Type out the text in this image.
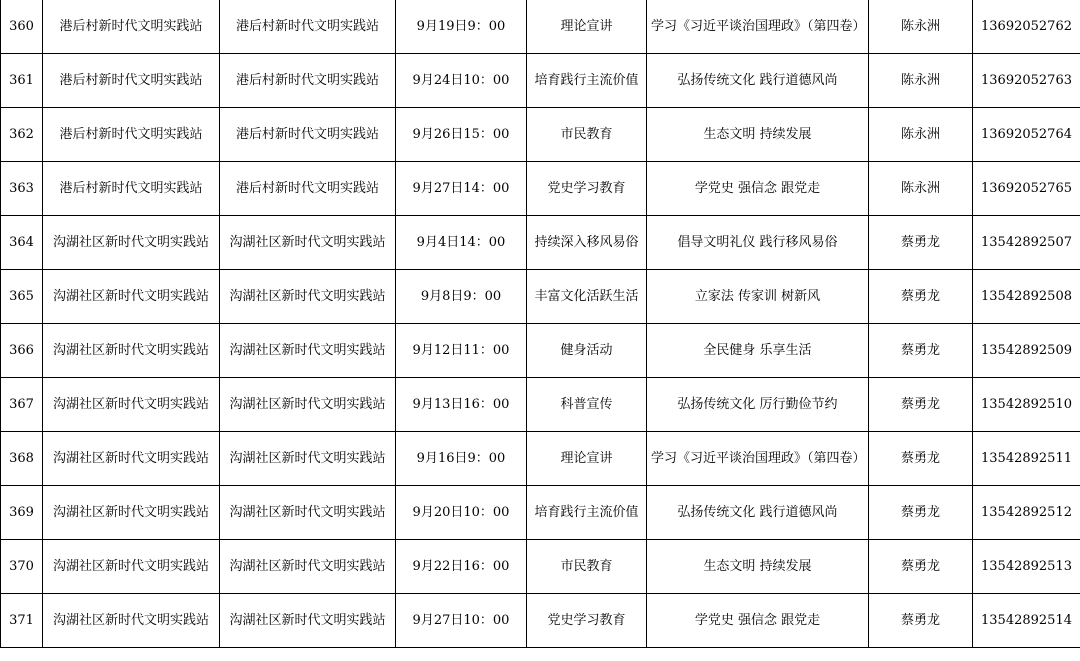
360	港后村新时代文明实践站	港后村新时代文明实践站	9月19日9：00	理论宣讲	学习《习近平谈治国理政》（第四卷）	陈永洲	13692052762
361	港后村新时代文明实践站	港后村新时代文明实践站	9月24日10：00	培育践行主流价值	弘扬传统文化 践行道德风尚	陈永洲	13692052763
362	港后村新时代文明实践站	港后村新时代文明实践站	9月26日15：00	市民教育	生态文明 持续发展	陈永洲	13692052764
363	港后村新时代文明实践站	港后村新时代文明实践站	9月27日14：00	党史学习教育	学党史 强信念 跟党走	陈永洲	13692052765
364	沟湖社区新时代文明实践站	沟湖社区新时代文明实践站	9月4日14：00	持续深入移风易俗	倡导文明礼仪 践行移风易俗	蔡勇龙	13542892507
365	沟湖社区新时代文明实践站	沟湖社区新时代文明实践站	9月8日9：00	丰富文化活跃生活	立家法 传家训 树新风	蔡勇龙	13542892508
366	沟湖社区新时代文明实践站	沟湖社区新时代文明实践站	9月12日11：00	健身活动	全民健身 乐享生活	蔡勇龙	13542892509
367	沟湖社区新时代文明实践站	沟湖社区新时代文明实践站	9月13日16：00	科普宣传	弘扬传统文化 厉行勤俭节约	蔡勇龙	13542892510
368	沟湖社区新时代文明实践站	沟湖社区新时代文明实践站	9月16日9：00	理论宣讲	学习《习近平谈治国理政》（第四卷）	蔡勇龙	13542892511
369	沟湖社区新时代文明实践站	沟湖社区新时代文明实践站	9月20日10：00	培育践行主流价值	弘扬传统文化 践行道德风尚	蔡勇龙	13542892512
370	沟湖社区新时代文明实践站	沟湖社区新时代文明实践站	9月22日16：00	市民教育	生态文明 持续发展	蔡勇龙	13542892513
371	沟湖社区新时代文明实践站	沟湖社区新时代文明实践站	9月27日10：00	党史学习教育	学党史 强信念 跟党走	蔡勇龙	13542892514
